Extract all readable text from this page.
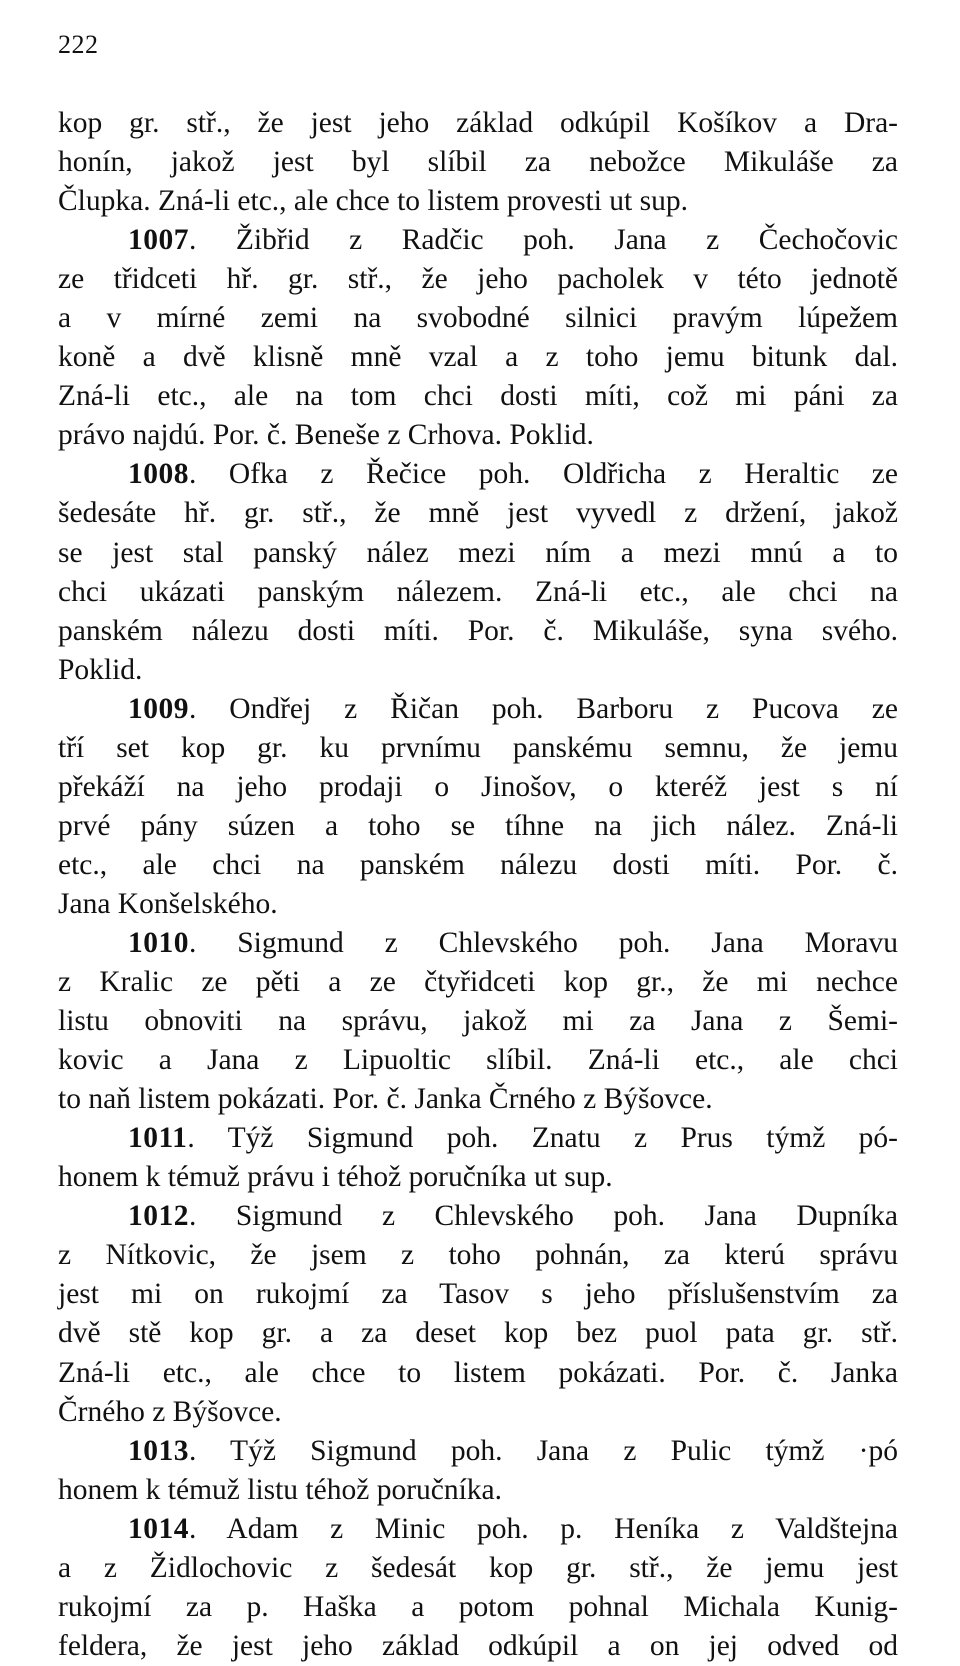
222
kop gr. stř., že jest jeho základ odkúpil Košíkov a Dra-
honín, jakož jest byl slíbil za nebožce Mikuláše za
Člupka. Zná-li etc., ale chce to listem provesti ut sup.
1007. Žibřid z Radčic poh. Jana z Čechočovic
ze třidceti hř. gr. stř., že jeho pacholek v této jednotě
a v mírné zemi na svobodné silnici pravým lúpežem
koně a dvě klisně mně vzal a z toho jemu bitunk dal.
Zná-li etc., ale na tom chci dosti míti, což mi páni za
právo najdú. Por. č. Beneše z Crhova. Poklid.
1008. Ofka z Řečice poh. Oldřicha z Heraltic ze
šedesáte hř. gr. stř., že mně jest vyvedl z držení, jakož
se jest stal panský nález mezi ním a mezi mnú a to
chci ukázati panským nálezem. Zná-li etc., ale chci na
panském nálezu dosti míti. Por. č. Mikuláše, syna svého.
Poklid.
1009. Ondřej z Řičan poh. Barboru z Pucova ze
tří set kop gr. ku prvnímu panskému semnu, že jemu
překáží na jeho prodaji o Jinošov, o kteréž jest s ní
prvé pány súzen a toho se tíhne na jich nález. Zná-li
etc., ale chci na panském nálezu dosti míti. Por. č.
Jana Konšelského.
1010. Sigmund z Chlevského poh. Jana Moravu
z Kralic ze pěti a ze čtyřidceti kop gr., že mi nechce
listu obnoviti na správu, jakož mi za Jana z Šemi-
kovic a Jana z Lipuoltic slíbil. Zná-li etc., ale chci
to naň listem pokázati. Por. č. Janka Črného z Býšovce.
1011. Týž Sigmund poh. Znatu z Prus týmž pó-
honem k témuž právu i téhož poručníka ut sup.
1012. Sigmund z Chlevského poh. Jana Dupníka
z Nítkovic, že jsem z toho pohnán, za kterú správu
jest mi on rukojmí za Tasov s jeho příslušenstvím za
dvě stě kop gr. a za deset kop bez puol pata gr. stř.
Zná-li etc., ale chce to listem pokázati. Por. č. Janka
Črného z Býšovce.
1013. Týž Sigmund poh. Jana z Pulic týmž ·pó
honem k témuž listu téhož poručníka.
1014. Adam z Minic poh. p. Heníka z Valdštejna
a z Židlochovic z šedesát kop gr. stř., že jemu jest
rukojmí za p. Haška a potom pohnal Michala Kunig-
feldera, že jest jeho základ odkúpil a on jej odved od
